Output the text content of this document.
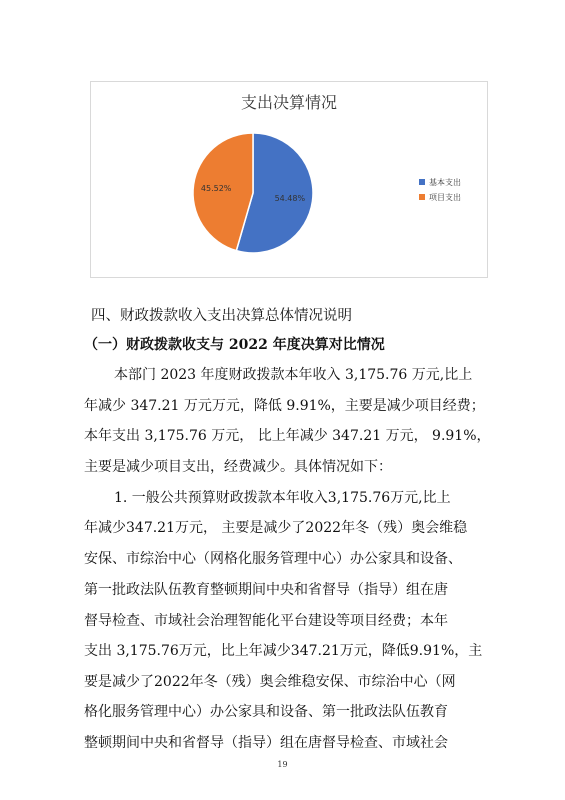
支出决算情况
54.48%
45.52%
基本支出
项目支出
四、财政拨款收入支出决算总体情况说明
（一）财政拨款收支与 2022 年度决算对比情况
本部门 2023 年度财政拨款本年收入 3,175.76 万元,比上
年减少 347.21 万元万元，降低 9.91%，主要是减少项目经费；
本年支出 3,175.76 万元， 比上年减少 347.21 万元， 9.91%，
主要是减少项目支出，经费减少。具体情况如下：
1. 一般公共预算财政拨款本年收入3,175.76万元,比上
年减少347.21万元， 主要是减少了2022年冬（残）奥会维稳
安保、市综治中心（网格化服务管理中心）办公家具和设备、
第一批政法队伍教育整顿期间中央和省督导（指导）组在唐
督导检查、市域社会治理智能化平台建设等项目经费；本年
支出 3,175.76万元，比上年减少347.21万元，降低9.91%，主
要是减少了2022年冬（残）奥会维稳安保、市综治中心（网
格化服务管理中心）办公家具和设备、第一批政法队伍教育
整顿期间中央和省督导（指导）组在唐督导检查、市域社会
19
